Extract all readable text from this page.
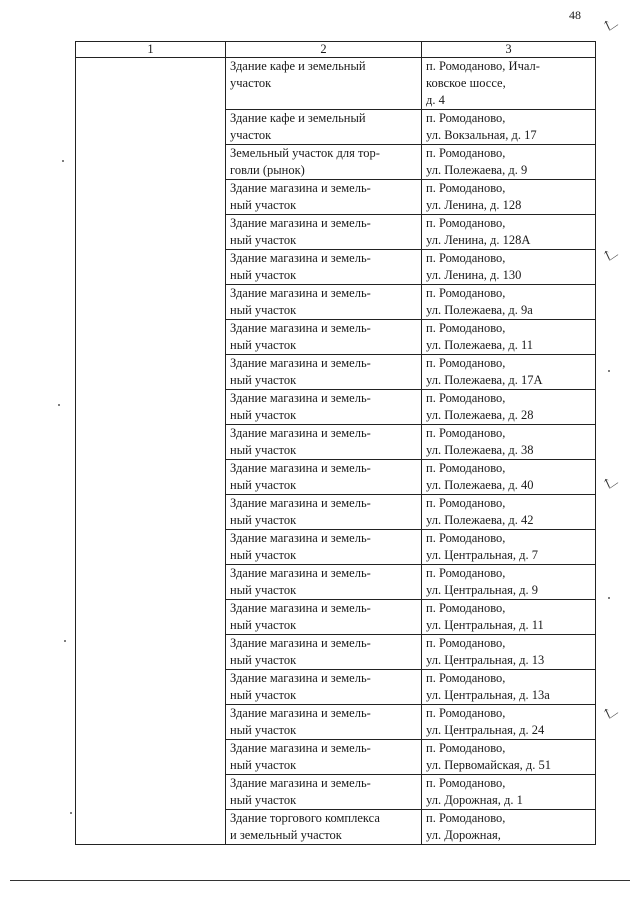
48
↖⁄
↖⁄
↖⁄
↖⁄
1	2	3
	Здание кафе и земельный
участок	п. Ромоданово, Ичал-
ковское шоссе,
д. 4
	Здание кафе и земельный
участок	п. Ромоданово,
ул. Вокзальная, д. 17
	Земельный участок для тор-
говли (рынок)	п. Ромоданово,
ул. Полежаева, д. 9
	Здание магазина и земель-
ный участок	п. Ромоданово,
ул. Ленина, д. 128
	Здание магазина и земель-
ный участок	п. Ромоданово,
ул. Ленина, д. 128А
	Здание магазина и земель-
ный участок	п. Ромоданово,
ул. Ленина, д. 130
	Здание магазина и земель-
ный участок	п. Ромоданово,
ул. Полежаева, д. 9а
	Здание магазина и земель-
ный участок	п. Ромоданово,
ул. Полежаева, д. 11
	Здание магазина и земель-
ный участок	п. Ромоданово,
ул. Полежаева, д. 17А
	Здание магазина и земель-
ный участок	п. Ромоданово,
ул. Полежаева, д. 28
	Здание магазина и земель-
ный участок	п. Ромоданово,
ул. Полежаева, д. 38
	Здание магазина и земель-
ный участок	п. Ромоданово,
ул. Полежаева, д. 40
	Здание магазина и земель-
ный участок	п. Ромоданово,
ул. Полежаева, д. 42
	Здание магазина и земель-
ный участок	п. Ромоданово,
ул. Центральная, д. 7
	Здание магазина и земель-
ный участок	п. Ромоданово,
ул. Центральная, д. 9
	Здание магазина и земель-
ный участок	п. Ромоданово,
ул. Центральная, д. 11
	Здание магазина и земель-
ный участок	п. Ромоданово,
ул. Центральная, д. 13
	Здание магазина и земель-
ный участок	п. Ромоданово,
ул. Центральная, д. 13а
	Здание магазина и земель-
ный участок	п. Ромоданово,
ул. Центральная, д. 24
	Здание магазина и земель-
ный участок	п. Ромоданово,
ул. Первомайская, д. 51
	Здание магазина и земель-
ный участок	п. Ромоданово,
ул. Дорожная, д. 1
	Здание торгового комплекса
и земельный участок	п. Ромоданово,
ул. Дорожная,
